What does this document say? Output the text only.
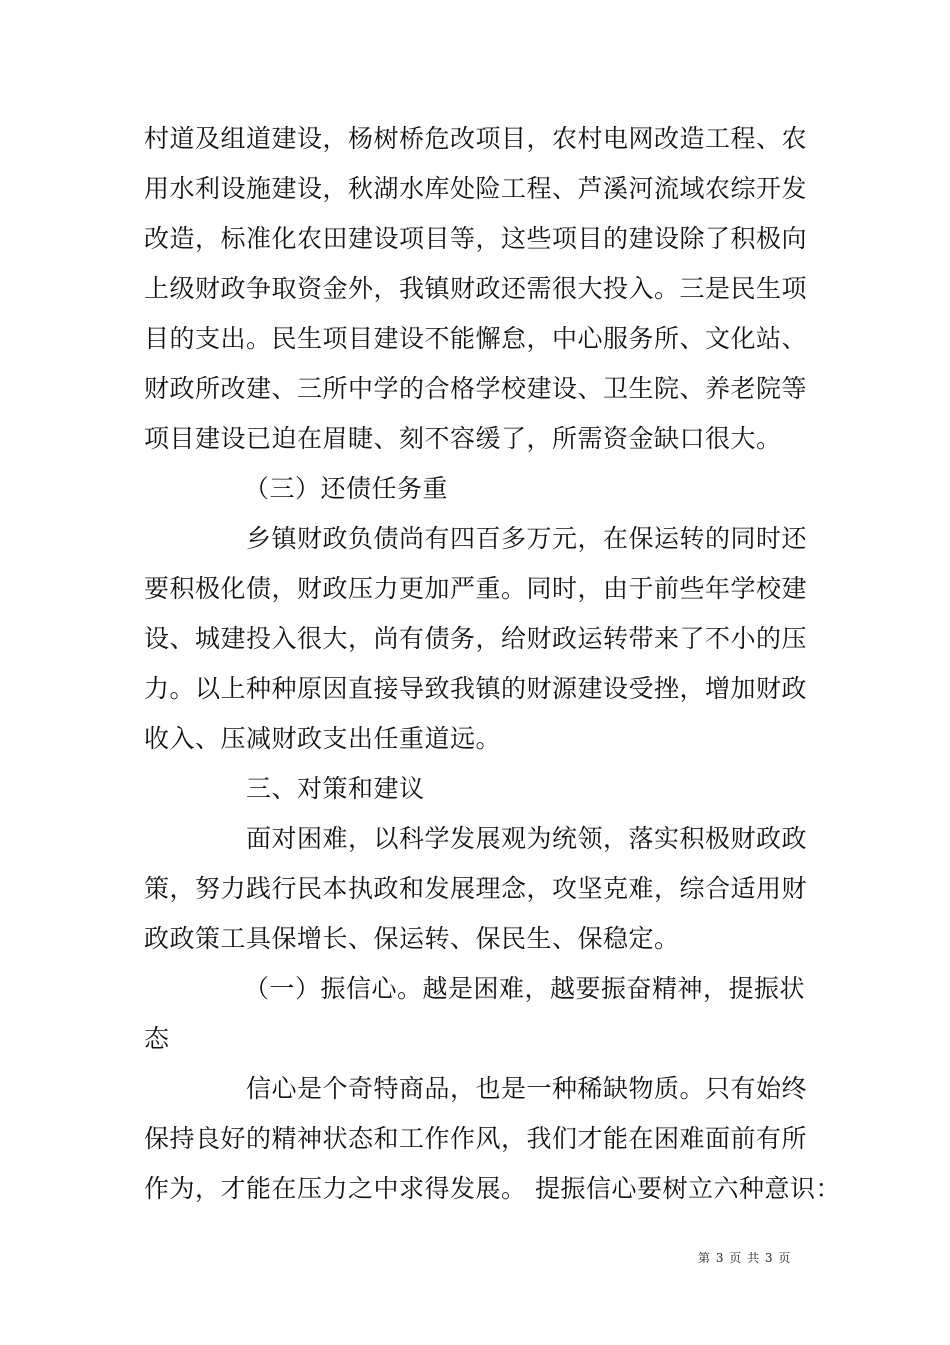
村道及组道建设，杨树桥危改项目，农村电网改造工程、农
用水利设施建设，秋湖水库处险工程、芦溪河流域农综开发
改造，标准化农田建设项目等，这些项目的建设除了积极向
上级财政争取资金外，我镇财政还需很大投入。三是民生项
目的支出。民生项目建设不能懈怠，中心服务所、文化站、
财政所改建、三所中学的合格学校建设、卫生院、养老院等
项目建设已迫在眉睫、刻不容缓了，所需资金缺口很大。
（三）还债任务重
乡镇财政负债尚有四百多万元，在保运转的同时还
要积极化债，财政压力更加严重。同时，由于前些年学校建
设、城建投入很大，尚有债务，给财政运转带来了不小的压
力。以上种种原因直接导致我镇的财源建设受挫，增加财政
收入、压减财政支出任重道远。
三、对策和建议
面对困难，以科学发展观为统领，落实积极财政政
策，努力践行民本执政和发展理念，攻坚克难，综合适用财
政政策工具保增长、保运转、保民生、保稳定。
（一）振信心。越是困难，越要振奋精神，提振状
态
信心是个奇特商品，也是一种稀缺物质。只有始终
保持良好的精神状态和工作作风，我们才能在困难面前有所
作为，才能在压力之中求得发展。 提振信心要树立六种意识：
第 3 页 共 3 页
